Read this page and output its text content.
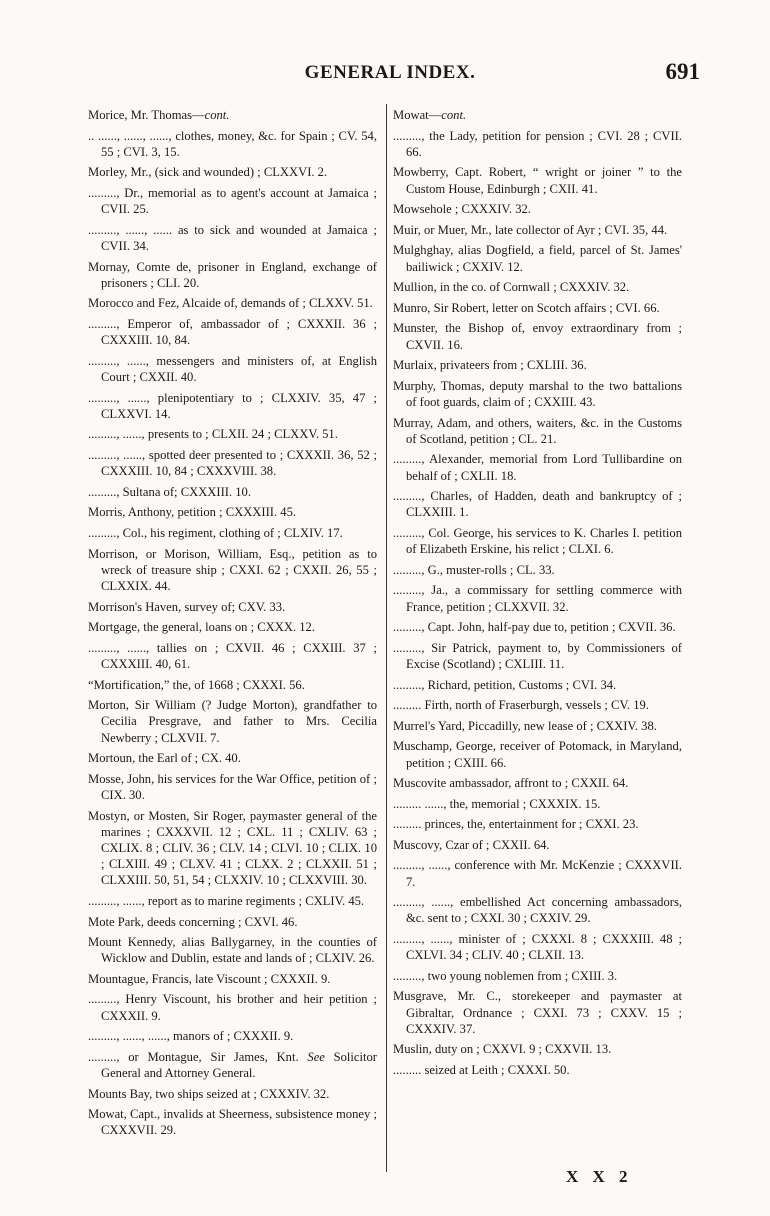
GENERAL INDEX.	691
Morice, Mr. Thomas—cont.
.. ......, ......, ......, clothes, money, &c. for Spain ; CV. 54, 55 ; CVI. 3, 15.
Morley, Mr., (sick and wounded) ; CLXXVI. 2.
........., Dr., memorial as to agent's account at Jamaica ; CVII. 25.
........., ......, ...... as to sick and wounded at Jamaica ; CVII. 34.
Mornay, Comte de, prisoner in England, exchange of prisoners ; CLI. 20.
Morocco and Fez, Alcaide of, demands of ; CLXXV. 51.
........., Emperor of, ambassador of ; CXXXII. 36 ; CXXXIII. 10, 84.
........., ......, messengers and ministers of, at English Court ; CXXII. 40.
........., ......, plenipotentiary to ; CLXXIV. 35, 47 ; CLXXVI. 14.
........., ......, presents to ; CLXII. 24 ; CLXXV. 51.
........., ......, spotted deer presented to ; CXXXII. 36, 52 ; CXXXIII. 10, 84 ; CXXXVIII. 38.
........., Sultana of; CXXXIII. 10.
Morris, Anthony, petition ; CXXXIII. 45.
........., Col., his regiment, clothing of ; CLXIV. 17.
Morrison, or Morison, William, Esq., petition as to wreck of treasure ship ; CXXI. 62 ; CXXII. 26, 55 ; CLXXIX. 44.
Morrison's Haven, survey of; CXV. 33.
Mortgage, the general, loans on ; CXXX. 12.
........., ......, tallies on ; CXVII. 46 ; CXXIII. 37 ; CXXXIII. 40, 61.
“Mortification,” the, of 1668 ; CXXXI. 56.
Morton, Sir William (? Judge Morton), grandfather to Cecilia Presgrave, and father to Mrs. Cecilia Newberry ; CLXVII. 7.
Mortoun, the Earl of ; CX. 40.
Mosse, John, his services for the War Office, petition of ; CIX. 30.
Mostyn, or Mosten, Sir Roger, paymaster general of the marines ; CXXXVII. 12 ; CXL. 11 ; CXLIV. 63 ; CXLIX. 8 ; CLIV. 36 ; CLV. 14 ; CLVI. 10 ; CLIX. 10 ; CLXIII. 49 ; CLXV. 41 ; CLXX. 2 ; CLXXII. 51 ; CLXXIII. 50, 51, 54 ; CLXXIV. 10 ; CLXXVIII. 30.
........., ......, report as to marine regiments ; CXLIV. 45.
Mote Park, deeds concerning ; CXVI. 46.
Mount Kennedy, alias Ballygarney, in the counties of Wicklow and Dublin, estate and lands of ; CLXIV. 26.
Mountague, Francis, late Viscount ; CXXXII. 9.
........., Henry Viscount, his brother and heir petition ; CXXXII. 9.
........., ......, ......, manors of ; CXXXII. 9.
........., or Montague, Sir James, Knt. See Solicitor General and Attorney General.
Mounts Bay, two ships seized at ; CXXXIV. 32.
Mowat, Capt., invalids at Sheerness, subsistence money ; CXXXVII. 29.
Mowat—cont.
........., the Lady, petition for pension ; CVI. 28 ; CVII. 66.
Mowberry, Capt. Robert, “ wright or joiner ” to the Custom House, Edinburgh ; CXII. 41.
Mowsehole ; CXXXIV. 32.
Muir, or Muer, Mr., late collector of Ayr ; CVI. 35, 44.
Mulghghay, alias Dogfield, a field, parcel of St. James' bailiwick ; CXXIV. 12.
Mullion, in the co. of Cornwall ; CXXXIV. 32.
Munro, Sir Robert, letter on Scotch affairs ; CVI. 66.
Munster, the Bishop of, envoy extraordinary from ; CXVII. 16.
Murlaix, privateers from ; CXLIII. 36.
Murphy, Thomas, deputy marshal to the two battalions of foot guards, claim of ; CXXIII. 43.
Murray, Adam, and others, waiters, &c. in the Customs of Scotland, petition ; CL. 21.
........., Alexander, memorial from Lord Tullibardine on behalf of ; CXLII. 18.
........., Charles, of Hadden, death and bankruptcy of ; CLXXIII. 1.
........., Col. George, his services to K. Charles I. petition of Elizabeth Erskine, his relict ; CLXI. 6.
........., G., muster-rolls ; CL. 33.
........., Ja., a commissary for settling commerce with France, petition ; CLXXVII. 32.
........., Capt. John, half-pay due to, petition ; CXVII. 36.
........., Sir Patrick, payment to, by Commissioners of Excise (Scotland) ; CXLIII. 11.
........., Richard, petition, Customs ; CVI. 34.
......... Firth, north of Fraserburgh, vessels ; CV. 19.
Murrel's Yard, Piccadilly, new lease of ; CXXIV. 38.
Muschamp, George, receiver of Potomack, in Maryland, petition ; CXIII. 66.
Muscovite ambassador, affront to ; CXXII. 64.
......... ......, the, memorial ; CXXXIX. 15.
......... princes, the, entertainment for ; CXXI. 23.
Muscovy, Czar of ; CXXII. 64.
........., ......, conference with Mr. McKenzie ; CXXXVII. 7.
........., ......, embellished Act concerning ambassadors, &c. sent to ; CXXI. 30 ; CXXIV. 29.
........., ......, minister of ; CXXXI. 8 ; CXXXIII. 48 ; CXLVI. 34 ; CLIV. 40 ; CLXII. 13.
........., two young noblemen from ; CXIII. 3.
Musgrave, Mr. C., storekeeper and paymaster at Gibraltar, Ordnance ; CXXI. 73 ; CXXV. 15 ; CXXXIV. 37.
Muslin, duty on ; CXXVI. 9 ; CXXVII. 13.
......... seized at Leith ; CXXXI. 50.
X X 2
